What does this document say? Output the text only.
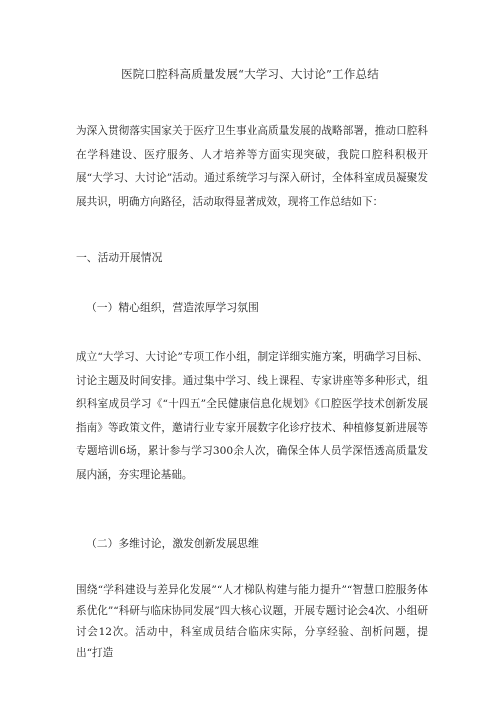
医院口腔科高质量发展“大学习、大讨论”工作总结
为深入贯彻落实国家关于医疗卫生事业高质量发展的战略部署，推动口腔科在学科建设、医疗服务、人才培养等方面实现突破，我院口腔科积极开展“大学习、大讨论”活动。通过系统学习与深入研讨，全体科室成员凝聚发展共识，明确方向路径，活动取得显著成效，现将工作总结如下：
一、活动开展情况
（一）精心组织，营造浓厚学习氛围
成立“大学习、大讨论”专项工作小组，制定详细实施方案，明确学习目标、讨论主题及时间安排。通过集中学习、线上课程、专家讲座等多种形式，组织科室成员学习《“十四五”全民健康信息化规划》《口腔医学技术创新发展指南》等政策文件，邀请行业专家开展数字化诊疗技术、种植修复新进展等专题培训6场，累计参与学习300余人次，确保全体人员学深悟透高质量发展内涵，夯实理论基础。
（二）多维讨论，激发创新发展思维
围绕“学科建设与差异化发展”“人才梯队构建与能力提升”“智慧口腔服务体系优化”“科研与临床协同发展”四大核心议题，开展专题讨论会4次、小组研讨会12次。活动中，科室成员结合临床实际，分享经验、剖析问题，提出“打造
